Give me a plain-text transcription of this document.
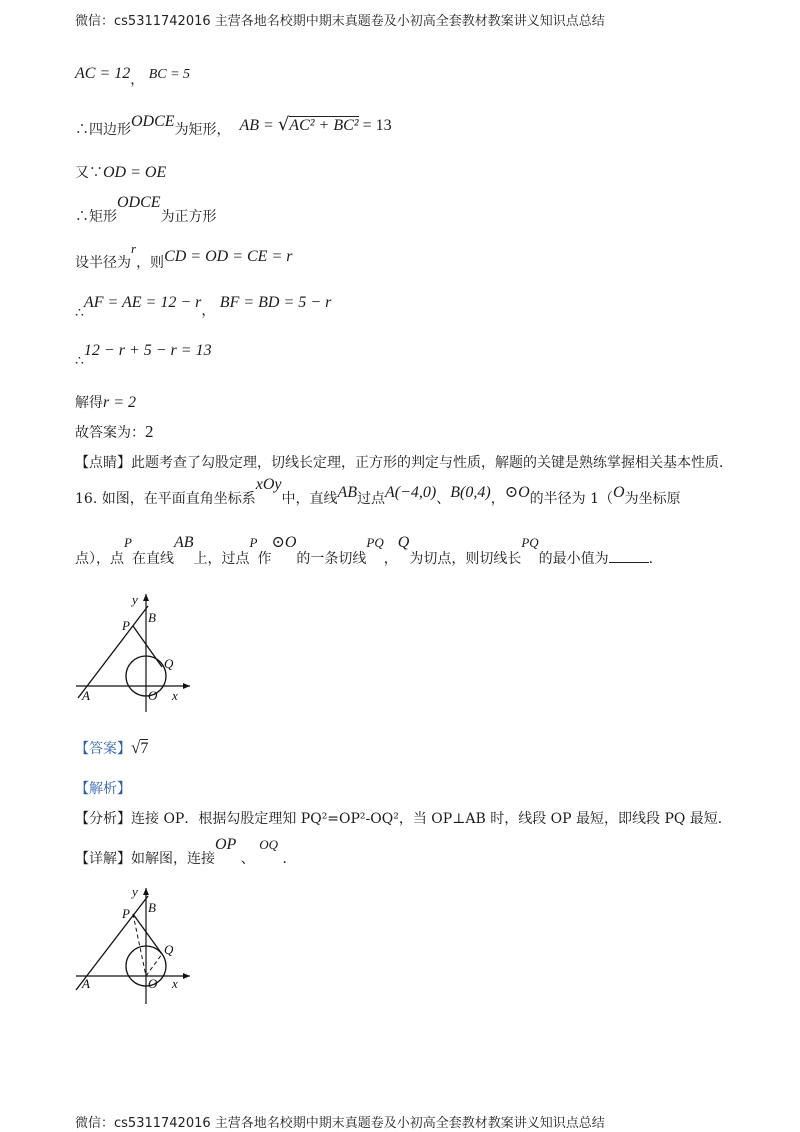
微信：cs5311742016 主营各地名校期中期末真题卷及小初高全套教材教案讲义知识点总结
AC = 12， BC = 5
∴四边形ODCE为矩形， AB = √AC² + BC² = 13
又∵OD = OE
∴矩形ODCE为正方形
设半径为r，则CD = OD = CE = r
∴AF = AE = 12 − r， BF = BD = 5 − r
∴12 − r + 5 − r = 13
解得r = 2
故答案为：2
【点睛】此题考查了勾股定理，切线长定理，正方形的判定与性质，解题的关键是熟练掌握相关基本性质．
16. 如图，在平面直角坐标系xOy中，直线AB过点A(−4,0)、B(0,4)，⊙O的半径为 1（O为坐标原
点），点P在直线AB上，过点P作⊙O的一条切线PQ，Q为切点，则切线长PQ的最小值为	.
y
B
P
Q
A	O x
【答案】√7
【解析】
【分析】连接 OP．根据勾股定理知 PQ²=OP²-OQ²，当 OP⊥AB 时，线段 OP 最短，即线段 PQ 最短．
【详解】如解图，连接OP 、 OQ ．
y
B
P
Q
A	O x
微信：cs5311742016 主营各地名校期中期末真题卷及小初高全套教材教案讲义知识点总结
